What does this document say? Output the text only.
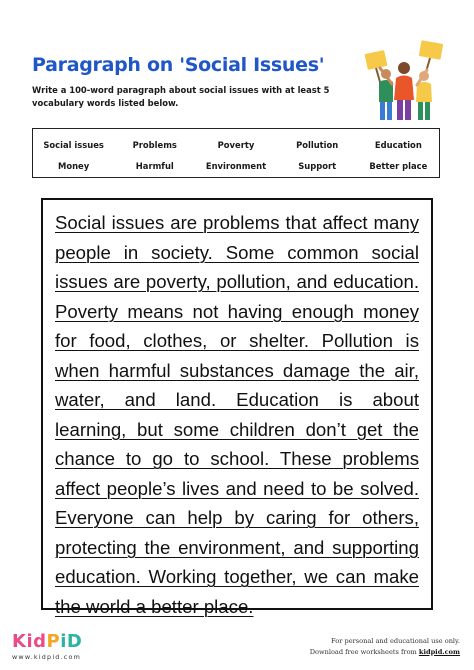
Paragraph on 'Social Issues'
Write a 100-word paragraph about social issues with at least 5 vocabulary words listed below.
Social issues	Problems	Poverty	Pollution	Education
Money	Harmful	Environment	Support	Better place

Social issues are problems that affect many people in society. Some common social issues are poverty, pollution, and education. Poverty means not having enough money for food, clothes, or shelter. Pollution is when harmful substances damage the air, water, and land. Education is about learning, but some children don’t get the chance to go to school. These problems affect people’s lives and need to be solved. Everyone can help by caring for others, protecting the environment, and supporting education. Working together, we can make the world a better place.

KidPiD
www.kidpid.com
For personal and educational use only.
Download free worksheets from kidpid.com
